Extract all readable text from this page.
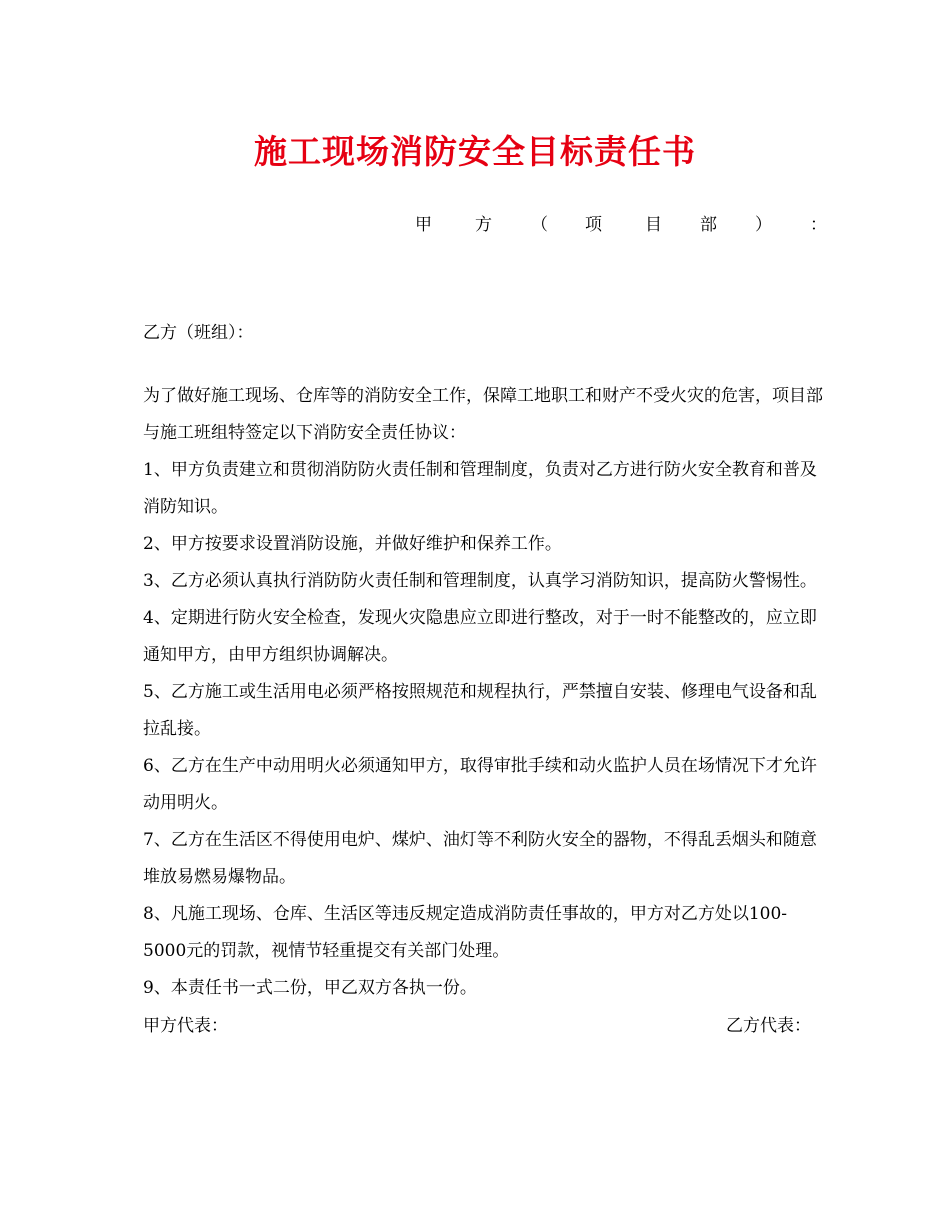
施工现场消防安全目标责任书
甲	方 （ 项	目 部 ） ：
乙方（班组）：

为了做好施工现场、仓库等的消防安全工作，保障工地职工和财产不受火灾的危害，项目部与施工班组特签定以下消防安全责任协议：

1、甲方负责建立和贯彻消防防火责任制和管理制度，负责对乙方进行防火安全教育和普及消防知识。

2、甲方按要求设置消防设施，并做好维护和保养工作。

3、乙方必须认真执行消防防火责任制和管理制度，认真学习消防知识，提高防火警惕性。

4、定期进行防火安全检查，发现火灾隐患应立即进行整改，对于一时不能整改的，应立即通知甲方，由甲方组织协调解决。

5、乙方施工或生活用电必须严格按照规范和规程执行，严禁擅自安装、修理电气设备和乱拉乱接。

6、乙方在生产中动用明火必须通知甲方，取得审批手续和动火监护人员在场情况下才允许动用明火。

7、乙方在生活区不得使用电炉、煤炉、油灯等不利防火安全的器物，不得乱丢烟头和随意堆放易燃易爆物品。

8、凡施工现场、仓库、生活区等违反规定造成消防责任事故的，甲方对乙方处以100-5000元的罚款，视情节轻重提交有关部门处理。

9、本责任书一式二份，甲乙双方各执一份。

甲方代表：	乙方代表：
